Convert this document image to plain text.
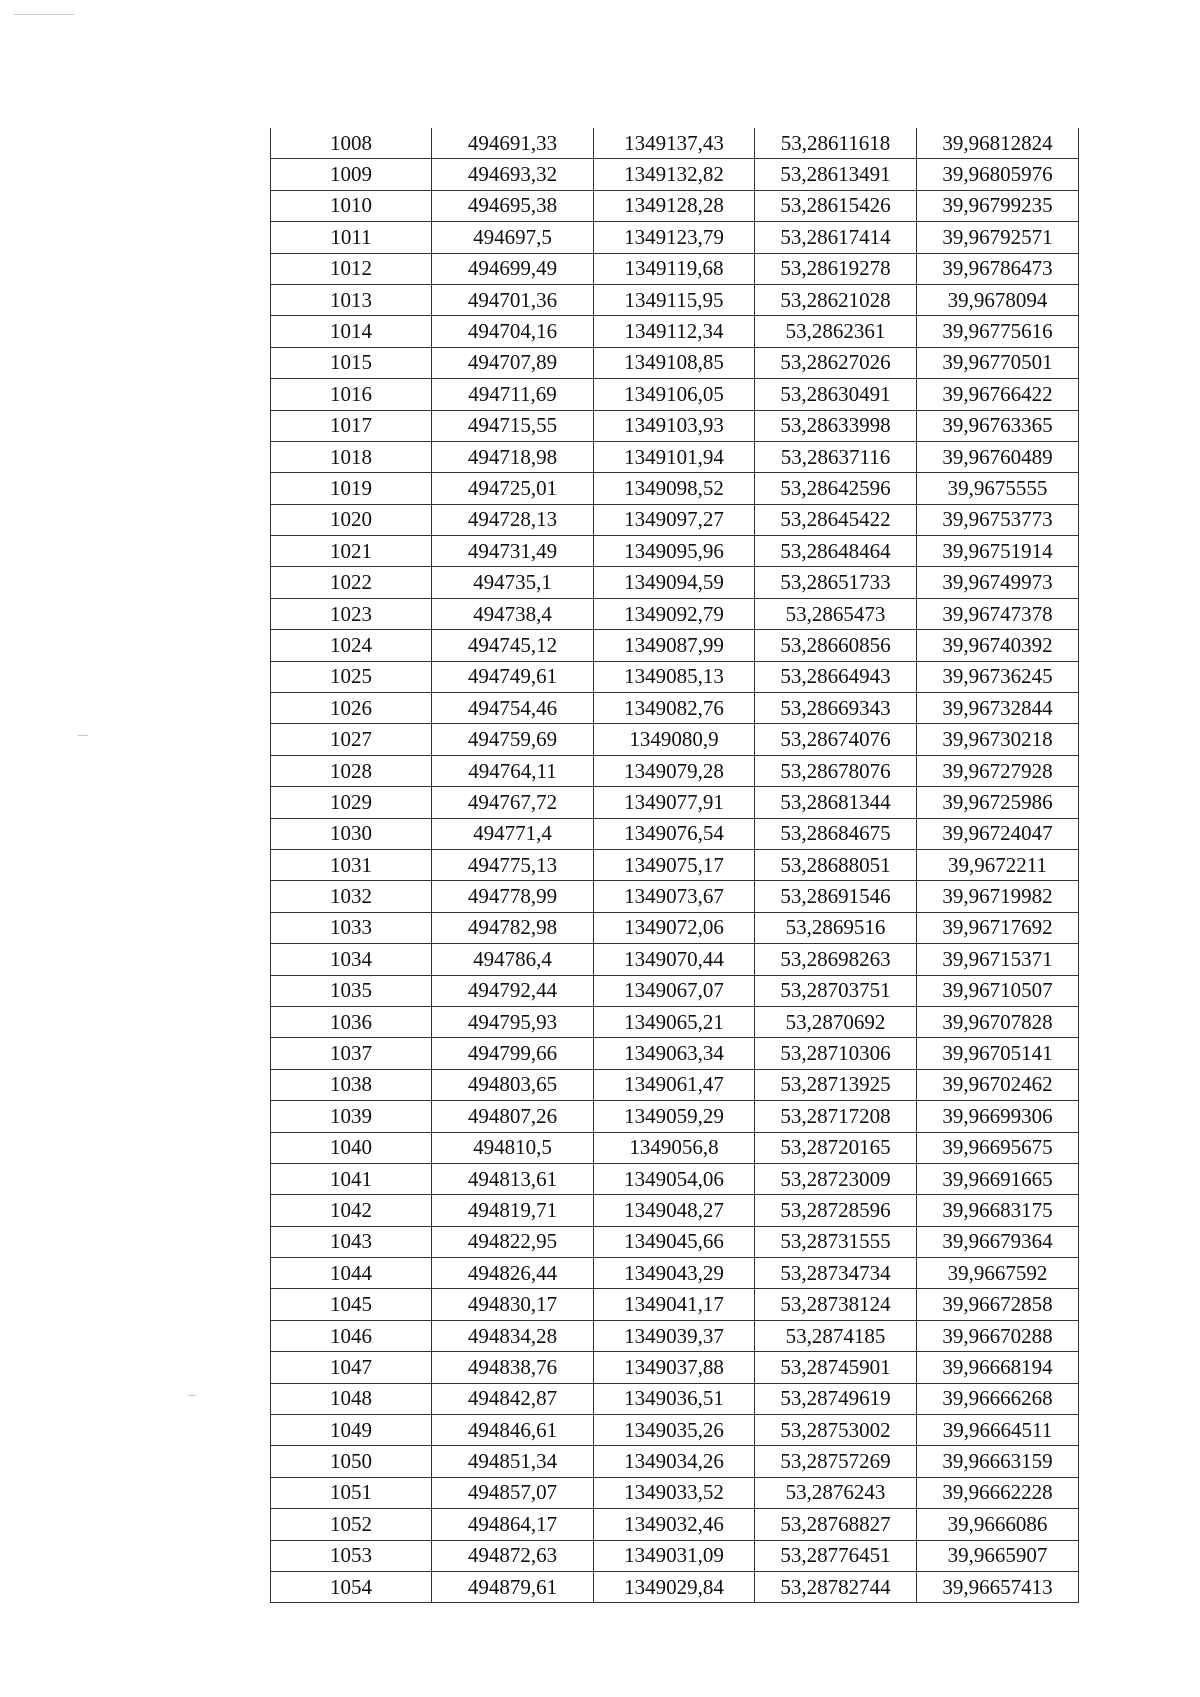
1008	494691,33	1349137,43	53,28611618	39,96812824
1009	494693,32	1349132,82	53,28613491	39,96805976
1010	494695,38	1349128,28	53,28615426	39,96799235
1011	494697,5	1349123,79	53,28617414	39,96792571
1012	494699,49	1349119,68	53,28619278	39,96786473
1013	494701,36	1349115,95	53,28621028	39,9678094
1014	494704,16	1349112,34	53,2862361	39,96775616
1015	494707,89	1349108,85	53,28627026	39,96770501
1016	494711,69	1349106,05	53,28630491	39,96766422
1017	494715,55	1349103,93	53,28633998	39,96763365
1018	494718,98	1349101,94	53,28637116	39,96760489
1019	494725,01	1349098,52	53,28642596	39,9675555
1020	494728,13	1349097,27	53,28645422	39,96753773
1021	494731,49	1349095,96	53,28648464	39,96751914
1022	494735,1	1349094,59	53,28651733	39,96749973
1023	494738,4	1349092,79	53,2865473	39,96747378
1024	494745,12	1349087,99	53,28660856	39,96740392
1025	494749,61	1349085,13	53,28664943	39,96736245
1026	494754,46	1349082,76	53,28669343	39,96732844
1027	494759,69	1349080,9	53,28674076	39,96730218
1028	494764,11	1349079,28	53,28678076	39,96727928
1029	494767,72	1349077,91	53,28681344	39,96725986
1030	494771,4	1349076,54	53,28684675	39,96724047
1031	494775,13	1349075,17	53,28688051	39,9672211
1032	494778,99	1349073,67	53,28691546	39,96719982
1033	494782,98	1349072,06	53,2869516	39,96717692
1034	494786,4	1349070,44	53,28698263	39,96715371
1035	494792,44	1349067,07	53,28703751	39,96710507
1036	494795,93	1349065,21	53,2870692	39,96707828
1037	494799,66	1349063,34	53,28710306	39,96705141
1038	494803,65	1349061,47	53,28713925	39,96702462
1039	494807,26	1349059,29	53,28717208	39,96699306
1040	494810,5	1349056,8	53,28720165	39,96695675
1041	494813,61	1349054,06	53,28723009	39,96691665
1042	494819,71	1349048,27	53,28728596	39,96683175
1043	494822,95	1349045,66	53,28731555	39,96679364
1044	494826,44	1349043,29	53,28734734	39,9667592
1045	494830,17	1349041,17	53,28738124	39,96672858
1046	494834,28	1349039,37	53,2874185	39,96670288
1047	494838,76	1349037,88	53,28745901	39,96668194
1048	494842,87	1349036,51	53,28749619	39,96666268
1049	494846,61	1349035,26	53,28753002	39,96664511
1050	494851,34	1349034,26	53,28757269	39,96663159
1051	494857,07	1349033,52	53,2876243	39,96662228
1052	494864,17	1349032,46	53,28768827	39,9666086
1053	494872,63	1349031,09	53,28776451	39,9665907
1054	494879,61	1349029,84	53,28782744	39,96657413
